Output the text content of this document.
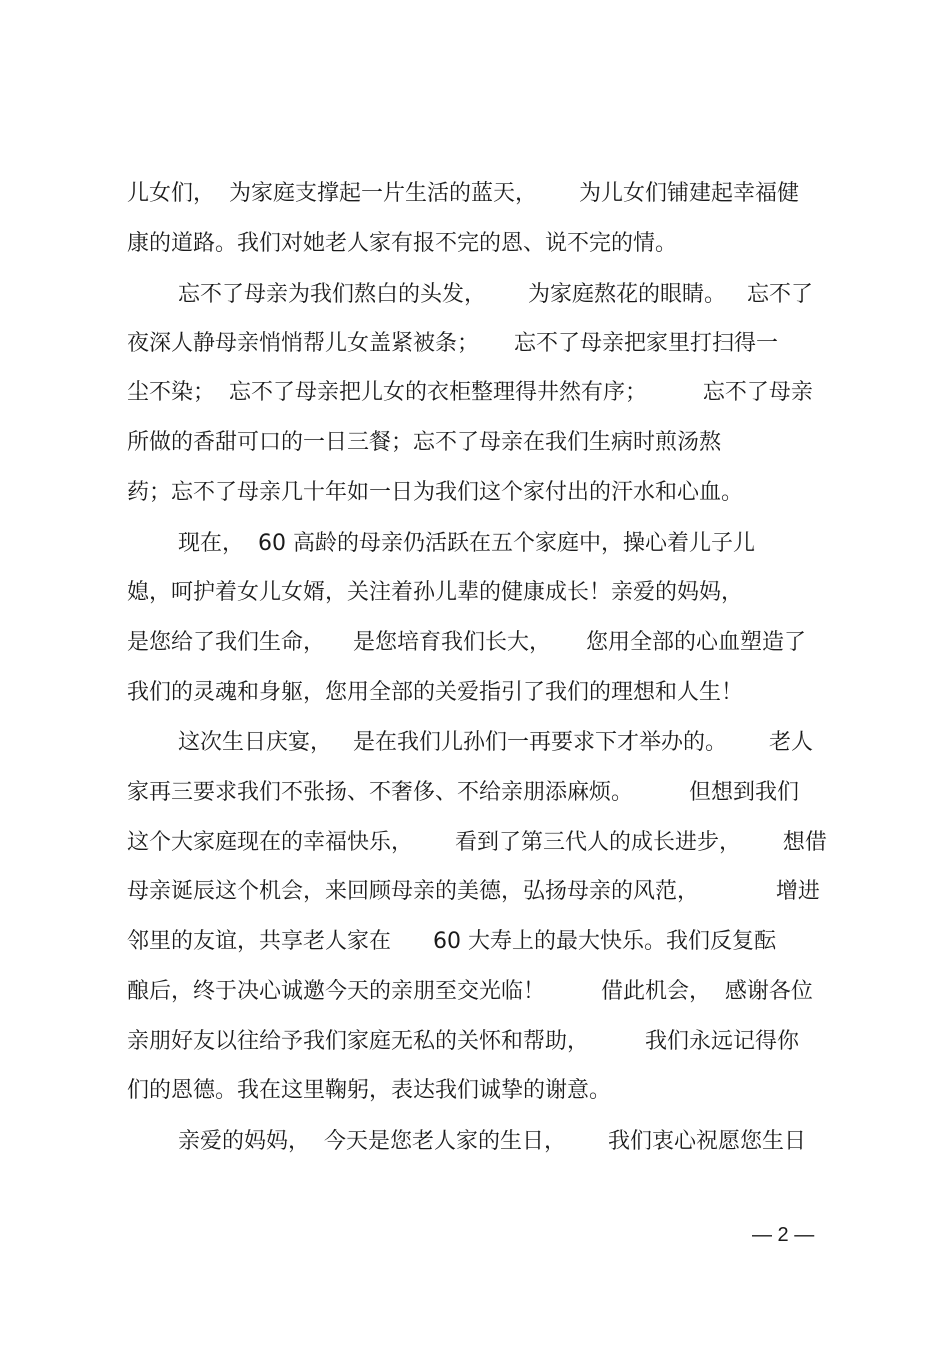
儿女们，  为家庭支撑起一片生活的蓝天，      为儿女们铺建起幸福健
康的道路。我们对她老人家有报不完的恩、说不完的情。
忘不了母亲为我们熬白的头发，      为家庭熬花的眼睛。   忘不了
夜深人静母亲悄悄帮儿女盖紧被条；     忘不了母亲把家里打扫得一
尘不染；  忘不了母亲把儿女的衣柜整理得井然有序；        忘不了母亲
所做的香甜可口的一日三餐；忘不了母亲在我们生病时煎汤熬
药；忘不了母亲几十年如一日为我们这个家付出的汗水和心血。
现在，  60 高龄的母亲仍活跃在五个家庭中，操心着儿子儿
媳，呵护着女儿女婿，关注着孙儿辈的健康成长！亲爱的妈妈，
是您给了我们生命，    是您培育我们长大，     您用全部的心血塑造了
我们的灵魂和身躯，您用全部的关爱指引了我们的理想和人生！
这次生日庆宴，   是在我们儿孙们一再要求下才举办的。      老人
家再三要求我们不张扬、不奢侈、不给亲朋添麻烦。        但想到我们
这个大家庭现在的幸福快乐，      看到了第三代人的成长进步，      想借
母亲诞辰这个机会，来回顾母亲的美德，弘扬母亲的风范，           增进
邻里的友谊，共享老人家在      60 大寿上的最大快乐。我们反复酝
酿后，终于决心诚邀今天的亲朋至交光临！        借此机会，  感谢各位
亲朋好友以往给予我们家庭无私的关怀和帮助，        我们永远记得你
们的恩德。我在这里鞠躬，表达我们诚挚的谢意。
亲爱的妈妈，  今天是您老人家的生日，      我们衷心祝愿您生日
— 2 —
